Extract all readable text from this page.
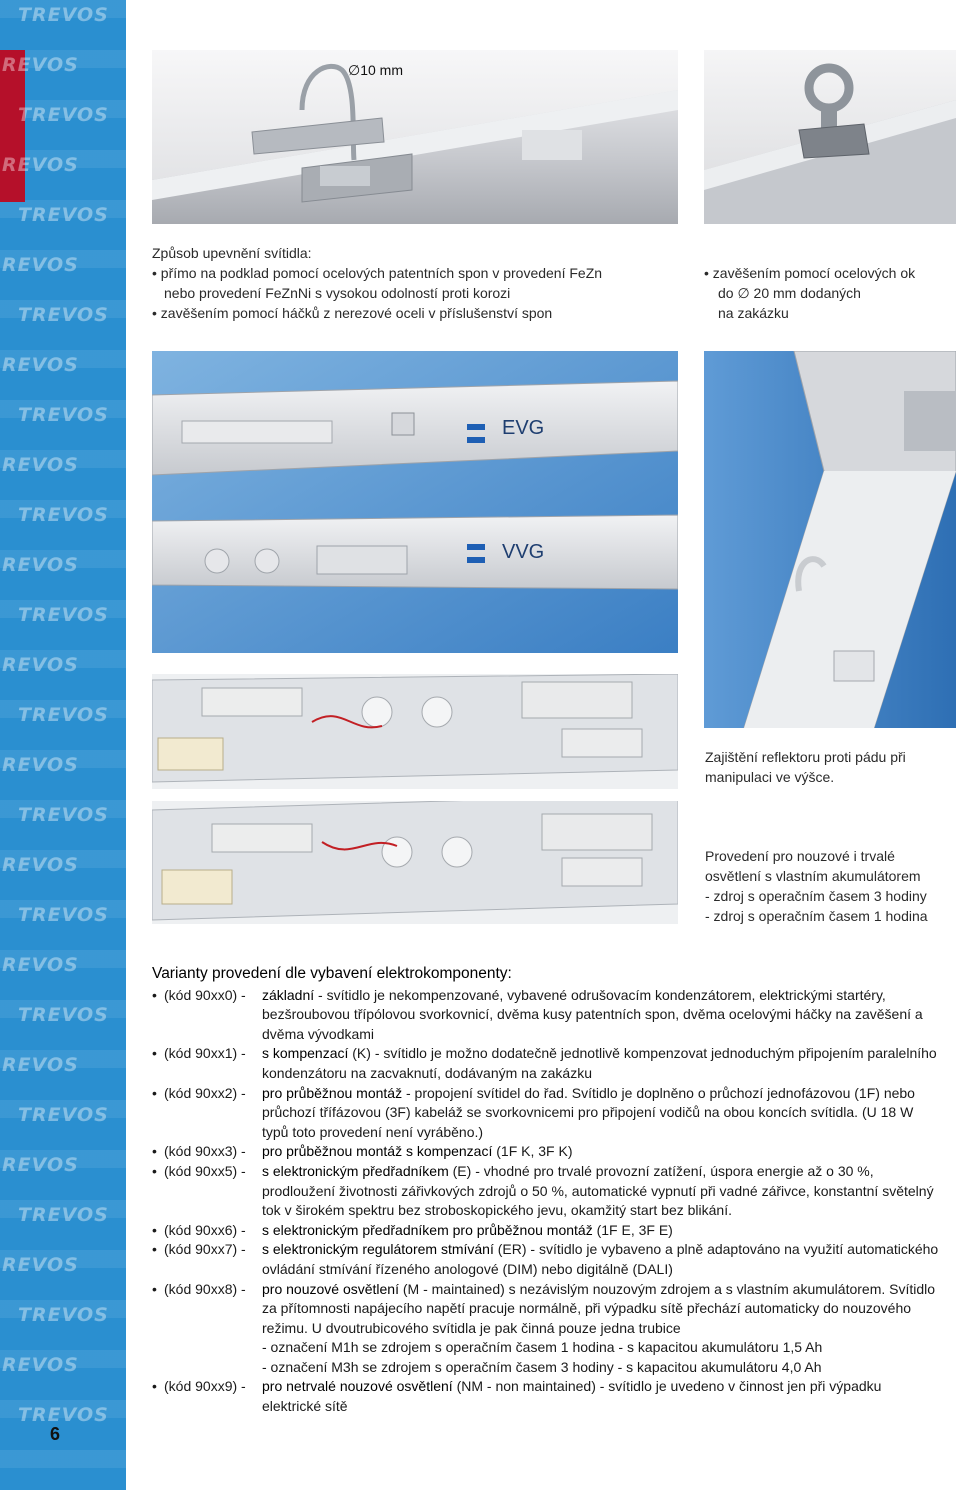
TREVOS
REVOS
TREVOS
REVOS
TREVOS
REVOS
TREVOS
REVOS
TREVOS
REVOS
TREVOS
REVOS
TREVOS
REVOS
TREVOS
REVOS
TREVOS
REVOS
TREVOS
REVOS
TREVOS
REVOS
TREVOS
REVOS
TREVOS
REVOS
TREVOS
REVOS
TREVOS
6
∅10 mm

Způsob upevnění svítidla:

• přímo na podklad pomocí ocelových patentních spon v provedení FeZn

nebo provedení FeZnNi s vysokou odolností proti korozi

• zavěšením pomocí háčků z nerezové oceli v příslušenství spon

• zavěšením pomocí ocelových ok

do ∅ 20 mm dodaných

na zakázku

EVG
VVG

Zajištění reflektoru proti pádu při

manipulaci ve výšce.

Provedení pro nouzové i trvalé

osvětlení s vlastním akumulátorem

- zdroj s operačním časem 3 hodiny

- zdroj s operačním časem 1 hodina

Varianty provedení dle vybavení elektrokomponenty:

• (kód 90xx0) - základní - svítidlo je nekompenzované, vybavené odrušovacím kondenzátorem, elektrickými startéry, bezšroubovou třípólovou svorkovnicí, dvěma kusy patentních spon, dvěma ocelovými háčky na zavěšení a dvěma vývodkami

• (kód 90xx1) - s kompenzací (K) - svítidlo je možno dodatečně jednotlivě kompenzovat jednoduchým připojením paralelního kondenzátoru na zacvaknutí, dodávaným na zakázku

• (kód 90xx2) - pro průběžnou montáž - propojení svítidel do řad. Svítidlo je doplněno o průchozí jednofázovou (1F) nebo průchozí třífázovou (3F) kabeláž se svorkovnicemi pro připojení vodičů na obou koncích svítidla. (U 18 W typů toto provedení není vyráběno.)

• (kód 90xx3) - pro průběžnou montáž s kompenzací (1F K, 3F K)

• (kód 90xx5) - s elektronickým předřadníkem (E) - vhodné pro trvalé provozní zatížení, úspora energie až o 30 %, prodloužení životnosti zářivkových zdrojů o 50 %, automatické vypnutí při vadné zářivce, konstantní světelný tok v širokém spektru bez stroboskopického jevu, okamžitý start bez blikání.

• (kód 90xx6) - s elektronickým předřadníkem pro průběžnou montáž (1F E, 3F E)

• (kód 90xx7) - s elektronickým regulátorem stmívání (ER) - svítidlo je vybaveno a plně adaptováno na využití automatického ovládání stmívání řízeného anologové (DIM) nebo digitálně (DALI)

• (kód 90xx8) - pro nouzové osvětlení (M - maintained) s nezávislým nouzovým zdrojem a s vlastním akumulátorem. Svítidlo za přítomnosti napájecího napětí pracuje normálně, při výpadku sítě přechází automaticky do nouzového režimu. U dvoutrubicového svítidla je pak činná pouze jedna trubice

- označení M1h se zdrojem s operačním časem 1 hodina - s kapacitou akumulátoru 1,5 Ah

- označení M3h se zdrojem s operačním časem 3 hodiny - s kapacitou akumulátoru 4,0 Ah

• (kód 90xx9) - pro netrvalé nouzové osvětlení (NM - non maintained) - svítidlo je uvedeno v činnost jen při výpadku elektrické sítě
